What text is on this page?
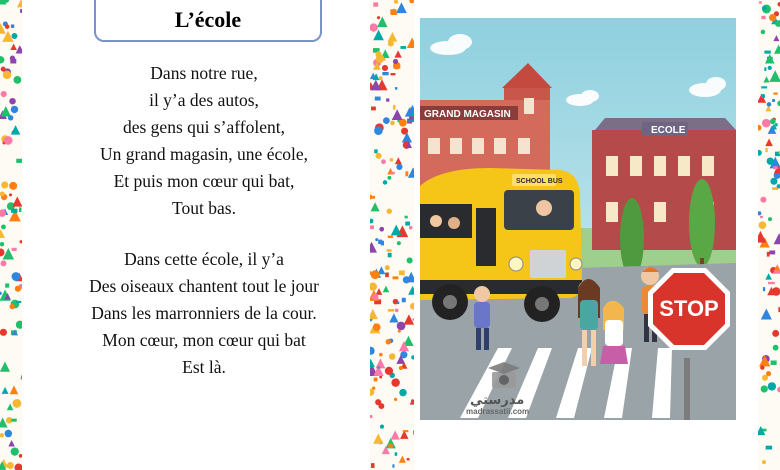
L’école
Dans notre rue,
il y’a des autos,
des gens qui s’affolent,
Un grand magasin, une école,
Et puis mon cœur qui bat,
Tout bas.
Dans cette école, il y’a
Des oiseaux chantent tout le jour
Dans les marronniers de la cour.
Mon cœur, mon cœur qui bat
Est là.
GRAND MAGASIN
ECOLE
SCHOOL BUS
STOP
مدرستي
madrassatii.com
